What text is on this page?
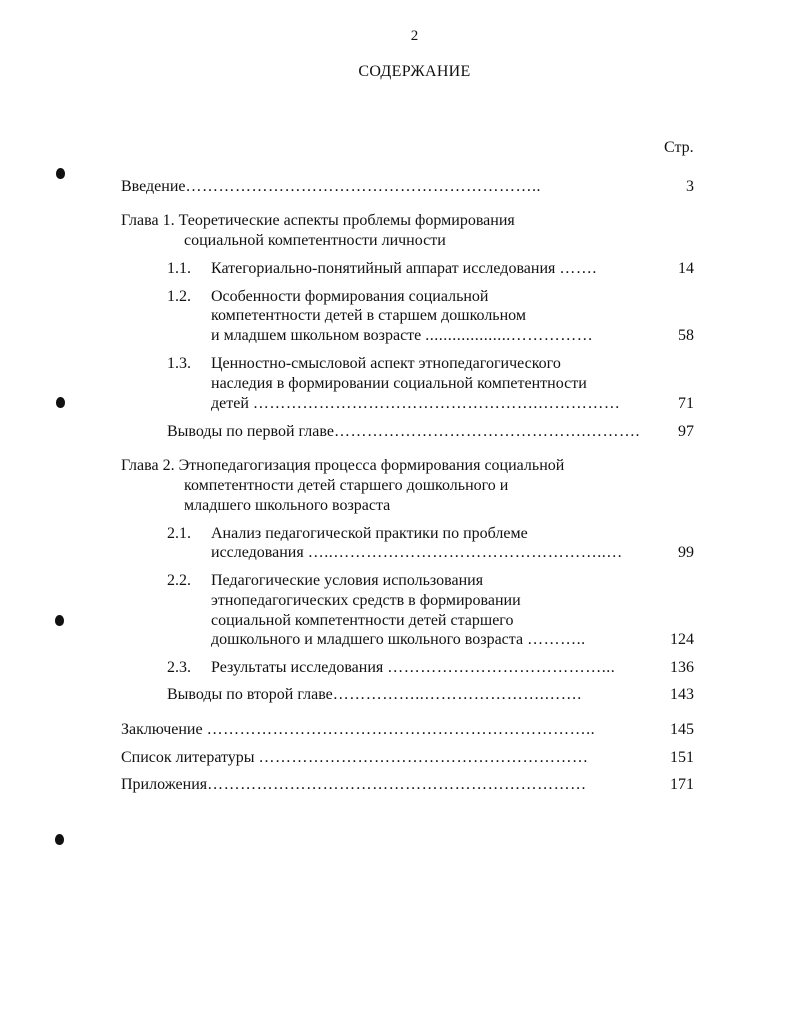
2
СОДЕРЖАНИЕ
Стр.
Введение………………………………………………………..	3
Глава 1. Теоретические аспекты проблемы формирования
социальной компетентности личности
1.1. Категориально-понятийный аппарат исследования …….	14
1.2. Особенности формирования социальной
компетентности детей в старшем дошкольном
и младшем школьном возрасте ...................……………	58
1.3. Ценностно-смысловой аспект этнопедагогического
наследия в формировании социальной компетентности
детей …………………………………………….……………	71
Выводы по первой главе……………………………………….………. 97
Глава 2. Этнопедагогизация процесса формирования социальной
компетентности детей старшего дошкольного и
младшего школьного возраста
2.1. Анализ педагогической практики по проблеме
исследования …..…………………………………………..…	99
2.2. Педагогические условия использования
этнопедагогических средств в формировании
социальной компетентности детей старшего
дошкольного и младшего школьного возраста ………..	124
2.3. Результаты исследования …………………………………...	136
Выводы по второй главе……………..………………….…….	143
Заключение ……………………………………………………………..	145
Список литературы ……………………………………………………	151
Приложения……………………………………………………………	171
